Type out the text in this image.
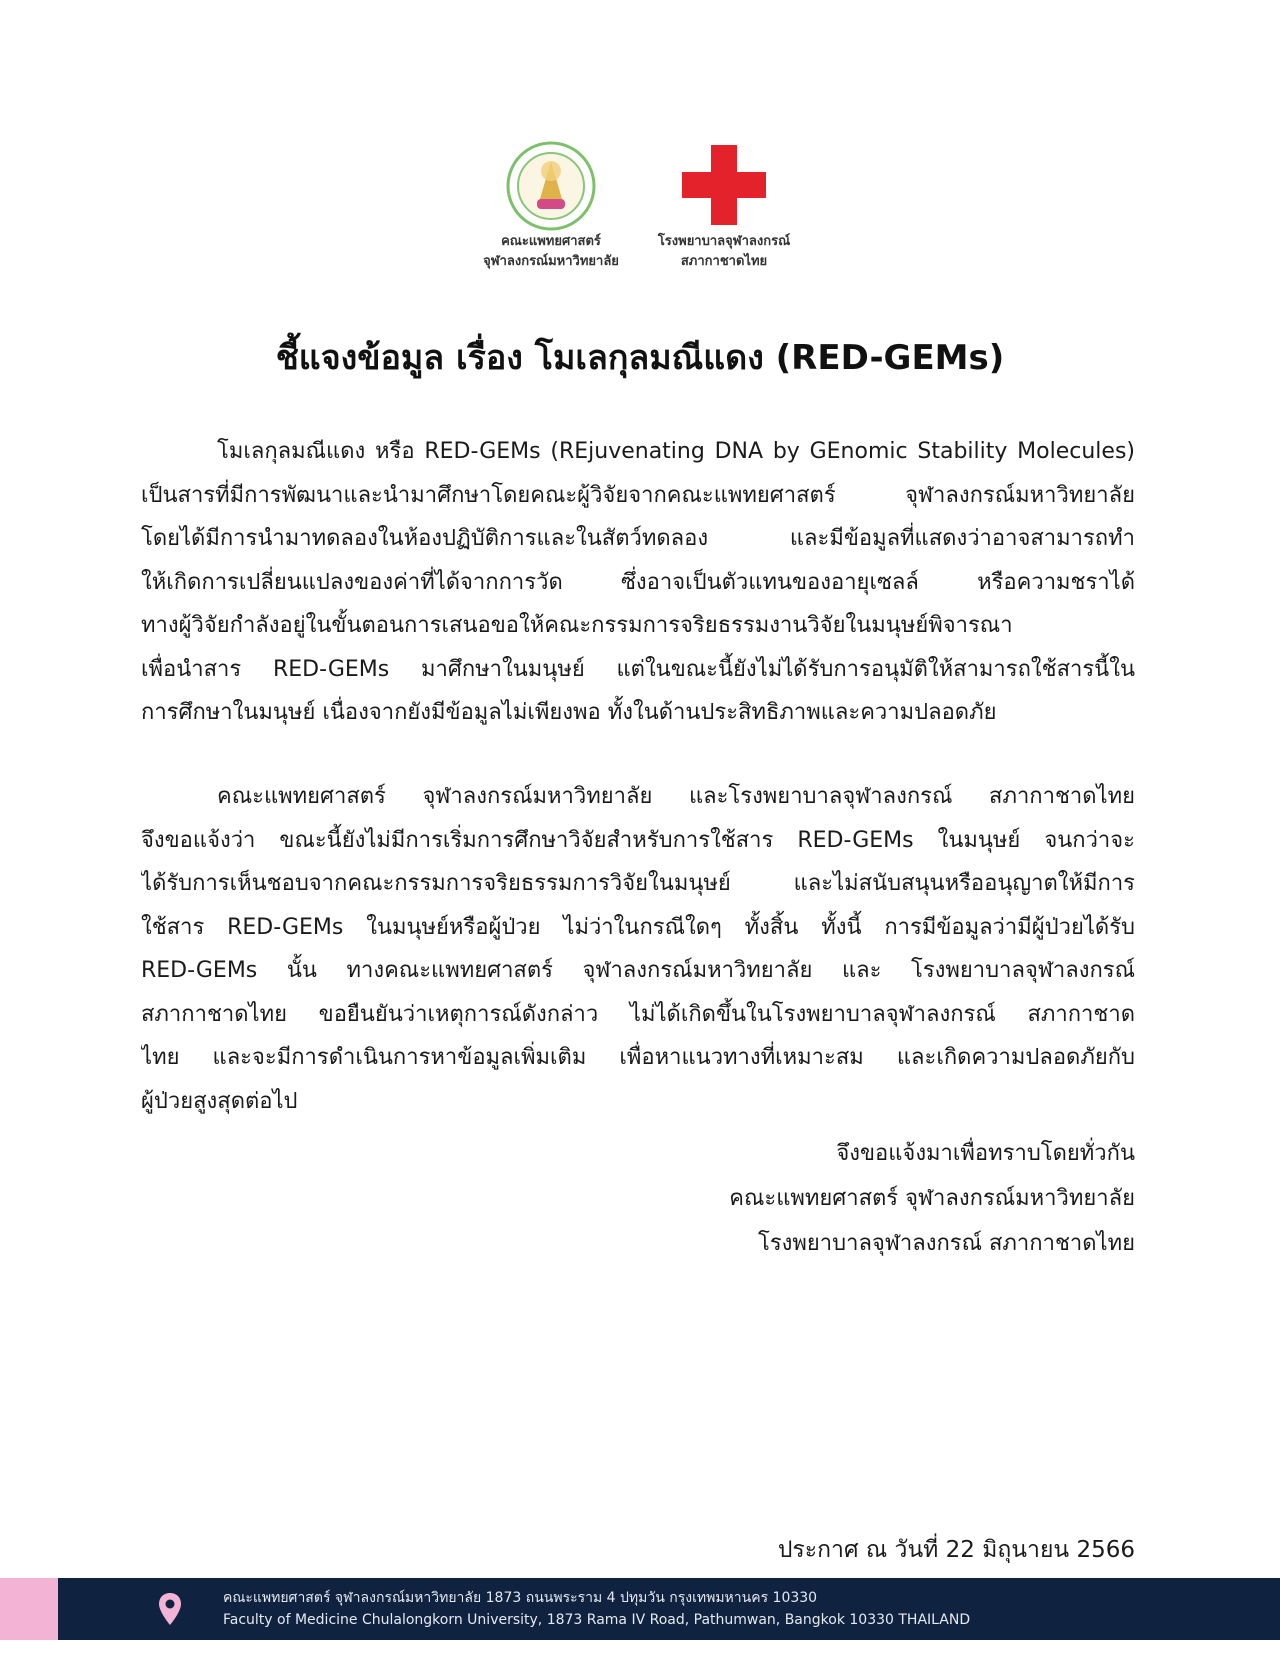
คณะแพทยศาสตร์
จุฬาลงกรณ์มหาวิทยาลัย
โรงพยาบาลจุฬาลงกรณ์
สภากาชาดไทย
ชี้แจงข้อมูล เรื่อง โมเลกุลมณีแดง (RED-GEMs)
โมเลกุลมณีแดง หรือ RED-GEMs (REjuvenating DNA by GEnomic Stability Molecules)
เป็นสารที่มีการพัฒนาและนำมาศึกษาโดยคณะผู้วิจัยจากคณะแพทยศาสตร์ จุฬาลงกรณ์มหาวิทยาลัย
โดยได้มีการนำมาทดลองในห้องปฏิบัติการและในสัตว์ทดลอง และมีข้อมูลที่แสดงว่าอาจสามารถทำ
ให้เกิดการเปลี่ยนแปลงของค่าที่ได้จากการวัด ซึ่งอาจเป็นตัวแทนของอายุเซลล์ หรือความชราได้
ทางผู้วิจัยกำลังอยู่ในขั้นตอนการเสนอขอให้คณะกรรมการจริยธรรมงานวิจัยในมนุษย์พิจารณา
เพื่อนำสาร RED-GEMs มาศึกษาในมนุษย์ แต่ในขณะนี้ยังไม่ได้รับการอนุมัติให้สามารถใช้สารนี้ใน
การศึกษาในมนุษย์ เนื่องจากยังมีข้อมูลไม่เพียงพอ ทั้งในด้านประสิทธิภาพและความปลอดภัย
คณะแพทยศาสตร์ จุฬาลงกรณ์มหาวิทยาลัย และโรงพยาบาลจุฬาลงกรณ์ สภากาชาดไทย
จึงขอแจ้งว่า ขณะนี้ยังไม่มีการเริ่มการศึกษาวิจัยสำหรับการใช้สาร RED-GEMs ในมนุษย์ จนกว่าจะ
ได้รับการเห็นชอบจากคณะกรรมการจริยธรรมการวิจัยในมนุษย์ และไม่สนับสนุนหรืออนุญาตให้มีการ
ใช้สาร RED-GEMs ในมนุษย์หรือผู้ป่วย ไม่ว่าในกรณีใดๆ ทั้งสิ้น ทั้งนี้ การมีข้อมูลว่ามีผู้ป่วยได้รับ
RED-GEMs นั้น ทางคณะแพทยศาสตร์ จุฬาลงกรณ์มหาวิทยาลัย และ โรงพยาบาลจุฬาลงกรณ์
สภากาชาดไทย ขอยืนยันว่าเหตุการณ์ดังกล่าว ไม่ได้เกิดขึ้นในโรงพยาบาลจุฬาลงกรณ์ สภากาชาด
ไทย และจะมีการดำเนินการหาข้อมูลเพิ่มเติม เพื่อหาแนวทางที่เหมาะสม และเกิดความปลอดภัยกับ
ผู้ป่วยสูงสุดต่อไป
จึงขอแจ้งมาเพื่อทราบโดยทั่วกัน
คณะแพทยศาสตร์ จุฬาลงกรณ์มหาวิทยาลัย
โรงพยาบาลจุฬาลงกรณ์ สภากาชาดไทย
ประกาศ ณ วันที่ 22 มิถุนายน 2566
คณะแพทยศาสตร์ จุฬาลงกรณ์มหาวิทยาลัย 1873 ถนนพระราม 4 ปทุมวัน กรุงเทพมหานคร 10330
Faculty of Medicine Chulalongkorn University, 1873 Rama IV Road, Pathumwan, Bangkok 10330 THAILAND
